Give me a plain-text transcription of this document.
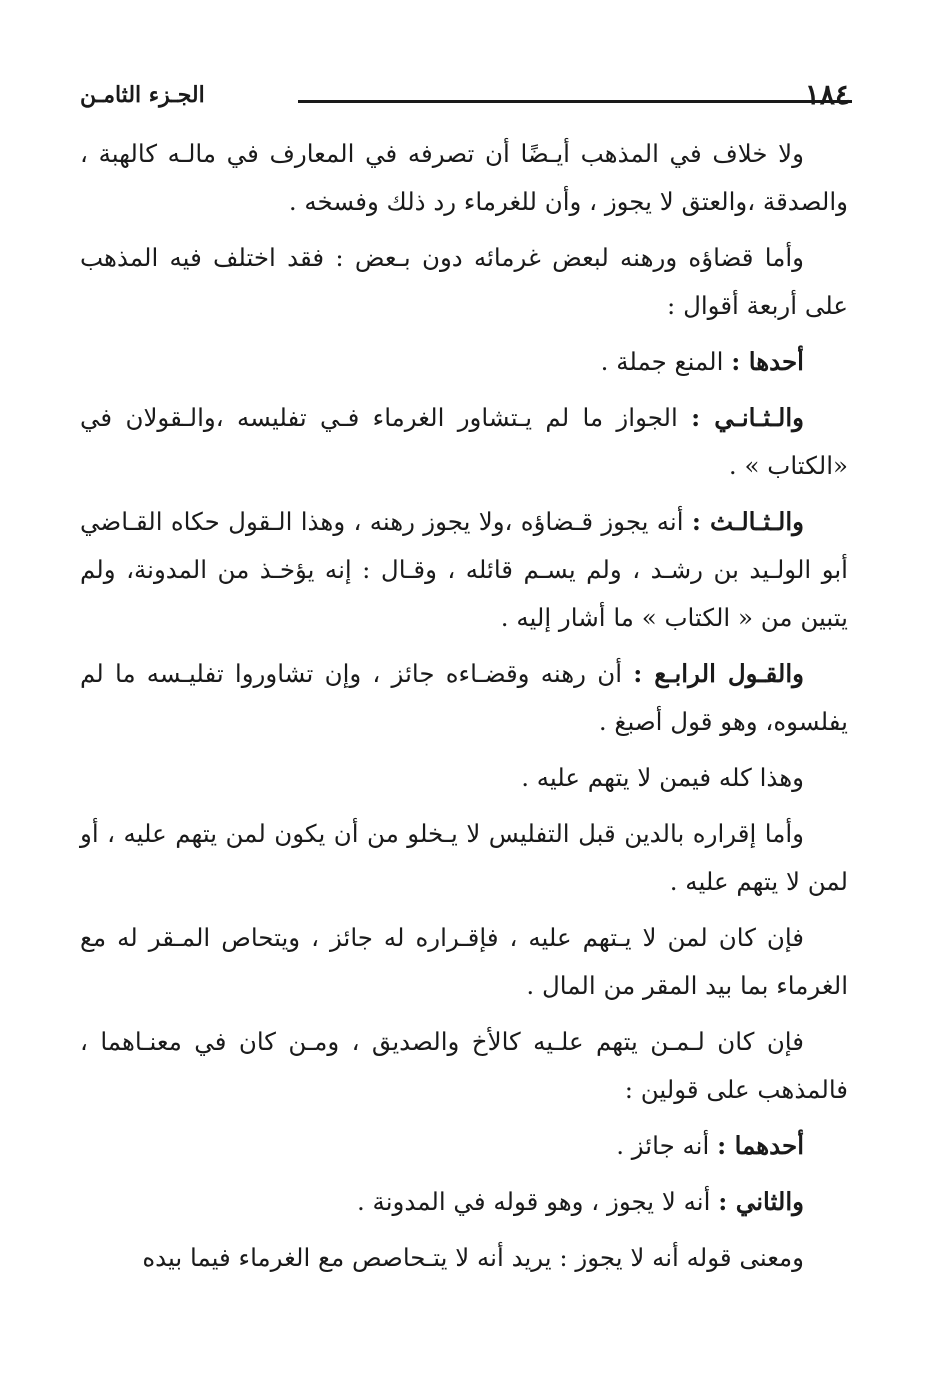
الجـزء الثامـن	١٨٤

ولا خلاف في المذهب أيـضًا أن تصرفه في المعارف في مالـه كالهبة ، والصدقة ،والعتق لا يجوز ، وأن للغرماء رد ذلك وفسخه .

وأما قضاؤه ورهنه لبعض غرمائه دون بـعض : فقد اختلف فيه المذهب على أربعة أقوال :

أحدها : المنع جملة .

والـثـانـي : الجواز ما لم يـتشاور الغرماء فـي تفليسه ،والـقولان في «الكتاب » .

والـثـالـث : أنه يجوز قـضاؤه ،ولا يجوز رهنه ، وهذا الـقول حكاه القـاضي أبو الولـيد بن رشـد ، ولم يسـم قائله ، وقـال : إنه يؤخـذ من المدونة، ولم يتبين من « الكتاب » ما أشار إليه .

والقـول الرابـع : أن رهنه وقضـاءه جائز ، وإن تشاوروا تفليـسه ما لم يفلسوه، وهو قول أصبغ .

وهذا كله فيمن لا يتهم عليه .

وأما إقراره بالدين قبل التفليس لا يـخلو من أن يكون لمن يتهم عليه ، أو لمن لا يتهم عليه .

فإن كان لمن لا يـتهم عليه ، فإقـراره له جائز ، ويتحاص المـقر له مع الغرماء بما بيد المقر من المال .

فإن كان لـمـن يتهم علـيه كالأخ والصديق ، ومـن كان في معنـاهما ، فالمذهب على قولين :

أحدهما : أنه جائز .

والثاني : أنه لا يجوز ، وهو قوله في المدونة .

ومعنى قوله أنه لا يجوز : يريد أنه لا يتـحاصص مع الغرماء فيما بيده
